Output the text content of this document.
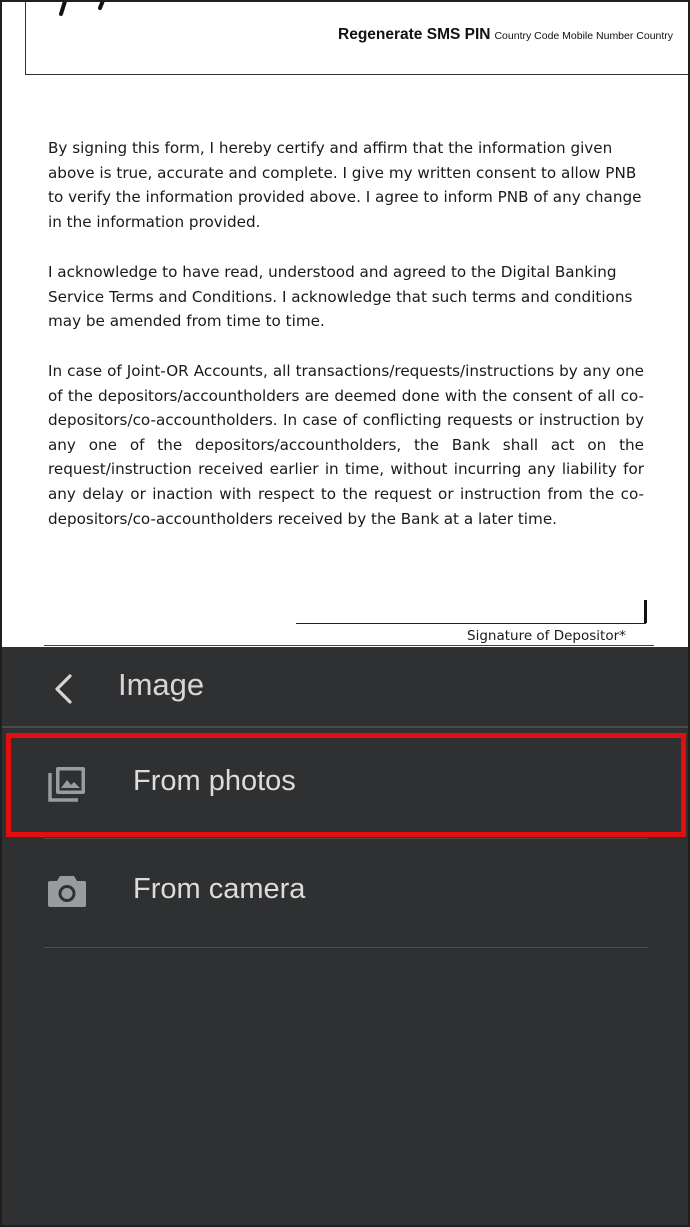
Regenerate SMS PIN Country Code Mobile Number Country

By signing this form, I hereby certify and affirm that the information given above is true, accurate and complete. I give my written consent to allow PNB to verify the information provided above. I agree to inform PNB of any change in the information provided.

I acknowledge to have read, understood and agreed to the Digital Banking Service Terms and Conditions. I acknowledge that such terms and conditions may be amended from time to time.

In case of Joint-OR Accounts, all transactions/requests/instructions by any one of the depositors/accountholders are deemed done with the consent of all co-depositors/co-accountholders. In case of conflicting requests or instruction by any one of the depositors/accountholders, the Bank shall act on the request/instruction received earlier in time, without incurring any liability for any delay or inaction with respect to the request or instruction from the co-depositors/co-accountholders received by the Bank at a later time.

Signature of Depositor*
Image
From photos
From camera
